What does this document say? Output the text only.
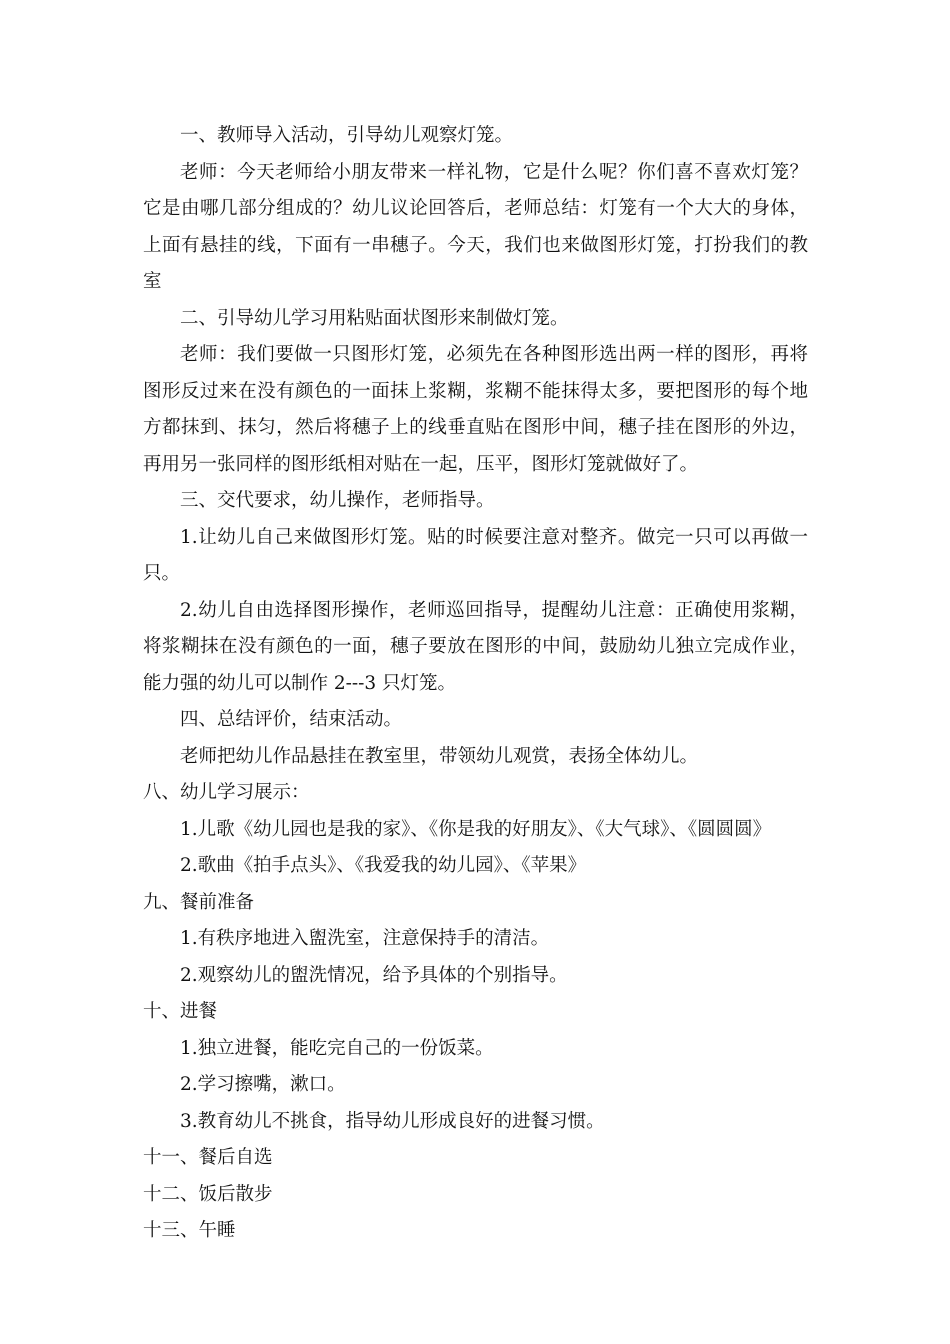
一、教师导入活动，引导幼儿观察灯笼。

老师：今天老师给小朋友带来一样礼物，它是什么呢？你们喜不喜欢灯笼？它是由哪几部分组成的？幼儿议论回答后，老师总结：灯笼有一个大大的身体，上面有悬挂的线，下面有一串穗子。今天，我们也来做图形灯笼，打扮我们的教室

二、引导幼儿学习用粘贴面状图形来制做灯笼。

老师：我们要做一只图形灯笼，必须先在各种图形选出两一样的图形，再将图形反过来在没有颜色的一面抹上浆糊，浆糊不能抹得太多，要把图形的每个地方都抹到、抹匀，然后将穗子上的线垂直贴在图形中间，穗子挂在图形的外边，再用另一张同样的图形纸相对贴在一起，压平，图形灯笼就做好了。

三、交代要求，幼儿操作，老师指导。

1.让幼儿自己来做图形灯笼。贴的时候要注意对整齐。做完一只可以再做一只。

2.幼儿自由选择图形操作，老师巡回指导，提醒幼儿注意：正确使用浆糊，将浆糊抹在没有颜色的一面，穗子要放在图形的中间，鼓励幼儿独立完成作业，能力强的幼儿可以制作 2---3 只灯笼。

四、总结评价，结束活动。

老师把幼儿作品悬挂在教室里，带领幼儿观赏，表扬全体幼儿。

八、幼儿学习展示：

1.儿歌《幼儿园也是我的家》、《你是我的好朋友》、《大气球》、《圆圆圆》

2.歌曲《拍手点头》、《我爱我的幼儿园》、《苹果》

九、餐前准备

1.有秩序地进入盥洗室，注意保持手的清洁。

2.观察幼儿的盥洗情况，给予具体的个别指导。

十、进餐

1.独立进餐，能吃完自己的一份饭菜。

2.学习擦嘴，漱口。

3.教育幼儿不挑食，指导幼儿形成良好的进餐习惯。

十一、餐后自选

十二、饭后散步

十三、午睡
